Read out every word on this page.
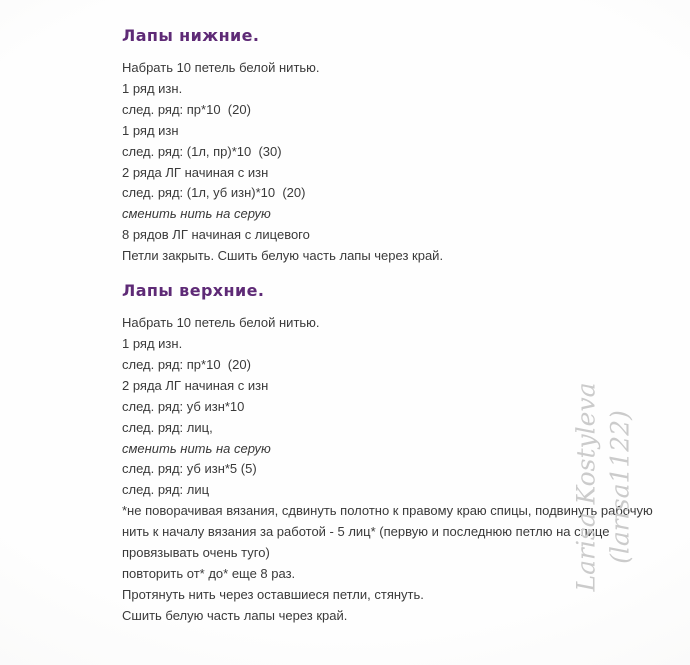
Лапы нижние.
Набрать 10 петель белой нитью.
1 ряд изн.
след. ряд: пр*10  (20)
1 ряд изн
след. ряд: (1л, пр)*10  (30)
2 ряда ЛГ начиная с изн
след. ряд: (1л, уб изн)*10  (20)
сменить нить на серую
8 рядов ЛГ начиная с лицевого
Петли закрыть. Сшить белую часть лапы через край.
Лапы верхние.
Набрать 10 петель белой нитью.
1 ряд изн.
след. ряд: пр*10  (20)
2 ряда ЛГ начиная с изн
след. ряд: уб изн*10
след. ряд: лиц,
сменить нить на серую
след. ряд: уб изн*5 (5)
след. ряд: лиц
*не поворачивая вязания, сдвинуть полотно к правому краю спицы, подвинуть рабочую
нить к началу вязания за работой - 5 лиц* (первую и последнюю петлю на спице
провязывать очень туго)
повторить от* до* еще 8 раз.
Протянуть нить через оставшиеся петли, стянуть.
Сшить белую часть лапы через край.
Larisa Kostyleva (larisa1122)
